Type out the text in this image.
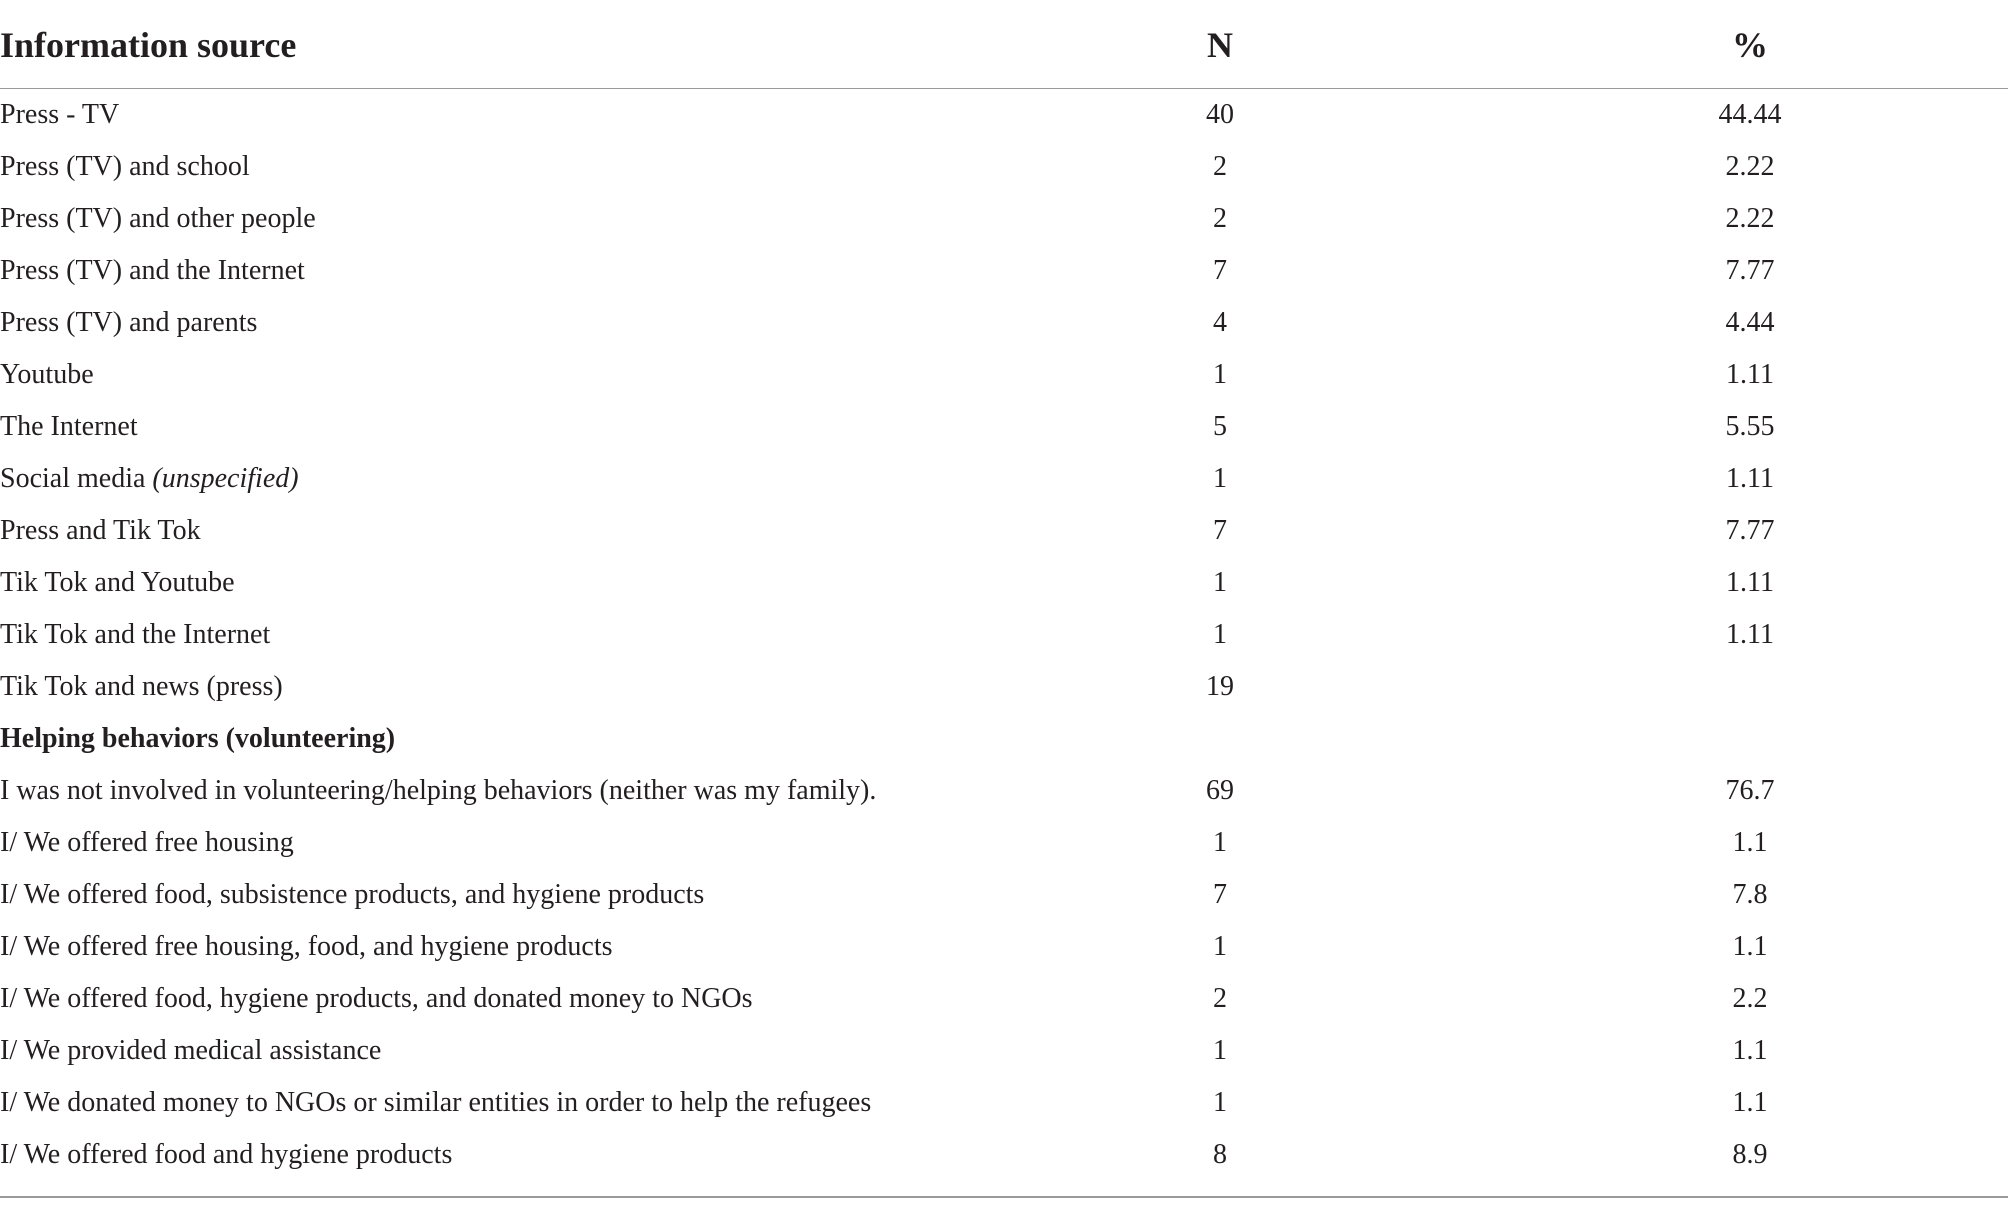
Information source	N	%
Press - TV	40	44.44
Press (TV) and school	2	2.22
Press (TV) and other people	2	2.22
Press (TV) and the Internet	7	7.77
Press (TV) and parents	4	4.44
Youtube	1	1.11
The Internet	5	5.55
Social media (unspecified)	1	1.11
Press and Tik Tok	7	7.77
Tik Tok and Youtube	1	1.11
Tik Tok and the Internet	1	1.11
Tik Tok and news (press)	19
Helping behaviors (volunteering)
I was not involved in volunteering/helping behaviors (neither was my family).	69	76.7
I/ We offered free housing	1	1.1
I/ We offered food, subsistence products, and hygiene products	7	7.8
I/ We offered free housing, food, and hygiene products	1	1.1
I/ We offered food, hygiene products, and donated money to NGOs	2	2.2
I/ We provided medical assistance	1	1.1
I/ We donated money to NGOs or similar entities in order to help the refugees	1	1.1
I/ We offered food and hygiene products	8	8.9
